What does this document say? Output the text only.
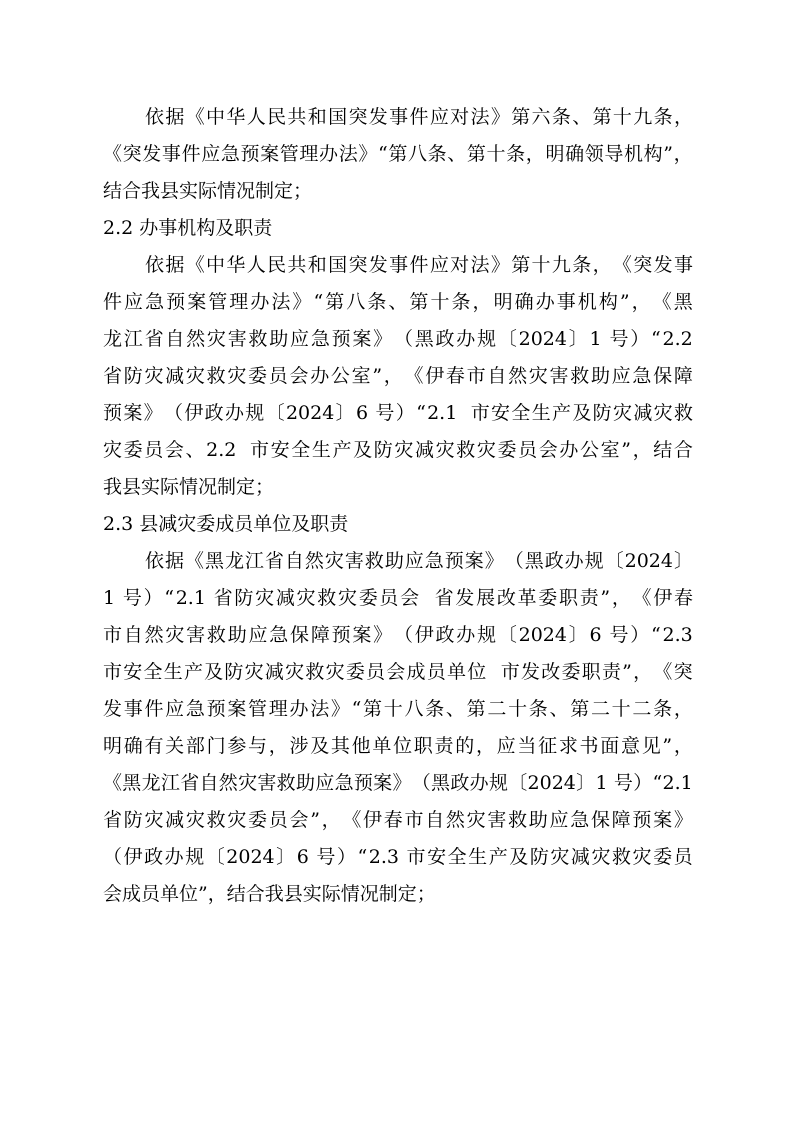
依 据 《 中 华 人 民 共 和 国 突 发 事 件 应 对 法 》 第 六 条 、 第 十 九 条 ，
《 突 发 事 件 应 急 预 案 管 理 办 法 》 “ 第 八 条 、 第 十 条 ， 明 确 领 导 机 构 ” ，
结合我县实际情况制定；
2.2 办事机构及职责
依 据 《 中 华 人 民 共 和 国 突 发 事 件 应 对 法 》 第 十 九 条 ， 《 突 发 事
件 应 急 预 案 管 理 办 法 》 “ 第 八 条 、 第 十 条 ， 明 确 办 事 机 构 ” ， 《 黑
龙 江 省 自 然 灾 害 救 助 应 急 预 案 》 （ 黑 政 办 规 〔 2024 〕 1 号 ） “ 2.2
省 防 灾 减 灾 救 灾 委 员 会 办 公 室 ” ， 《 伊 春 市 自 然 灾 害 救 助 应 急 保 障
预 案 》 （ 伊 政 办 规 〔 2024 〕 6 号 ） “ 2.1 市 安 全 生 产 及 防 灾 减 灾 救
灾 委 员 会 、 2.2 市 安 全 生 产 及 防 灾 减 灾 救 灾 委 员 会 办 公 室 ” ， 结 合
我县实际情况制定；
2.3 县减灾委成员单位及职责
依 据 《 黑 龙 江 省 自 然 灾 害 救 助 应 急 预 案 》 （ 黑 政 办 规 〔 2024 〕
1 号 ） “ 2.1 省 防 灾 减 灾 救 灾 委 员 会
省 发 展 改 革 委 职 责 ” ， 《 伊 春
市 自 然 灾 害 救 助 应 急 保 障 预 案 》 （ 伊 政 办 规 〔 2024 〕 6 号 ） “ 2.3
市 安 全 生 产 及 防 灾 减 灾 救 灾 委 员 会 成 员 单 位
市 发 改 委 职 责 ” ， 《 突
发 事 件 应 急 预 案 管 理 办 法 》 “ 第 十 八 条 、 第 二 十 条 、 第 二 十 二 条 ，
明 确 有 关 部 门 参 与 ， 涉 及 其 他 单 位 职 责 的 ， 应 当 征 求 书 面 意 见 ” ，
《 黑 龙 江 省 自 然 灾 害 救 助 应 急 预 案 》 （ 黑 政 办 规 〔 2024 〕 1 号 ） “ 2.1
省 防 灾 减 灾 救 灾 委 员 会 ” ， 《 伊 春 市 自 然 灾 害 救 助 应 急 保 障 预 案 》
（ 伊 政 办 规 〔 2024 〕 6 号 ） “ 2.3 市 安 全 生 产 及 防 灾 减 灾 救 灾 委 员
会成员单位”，结合我县实际情况制定；
